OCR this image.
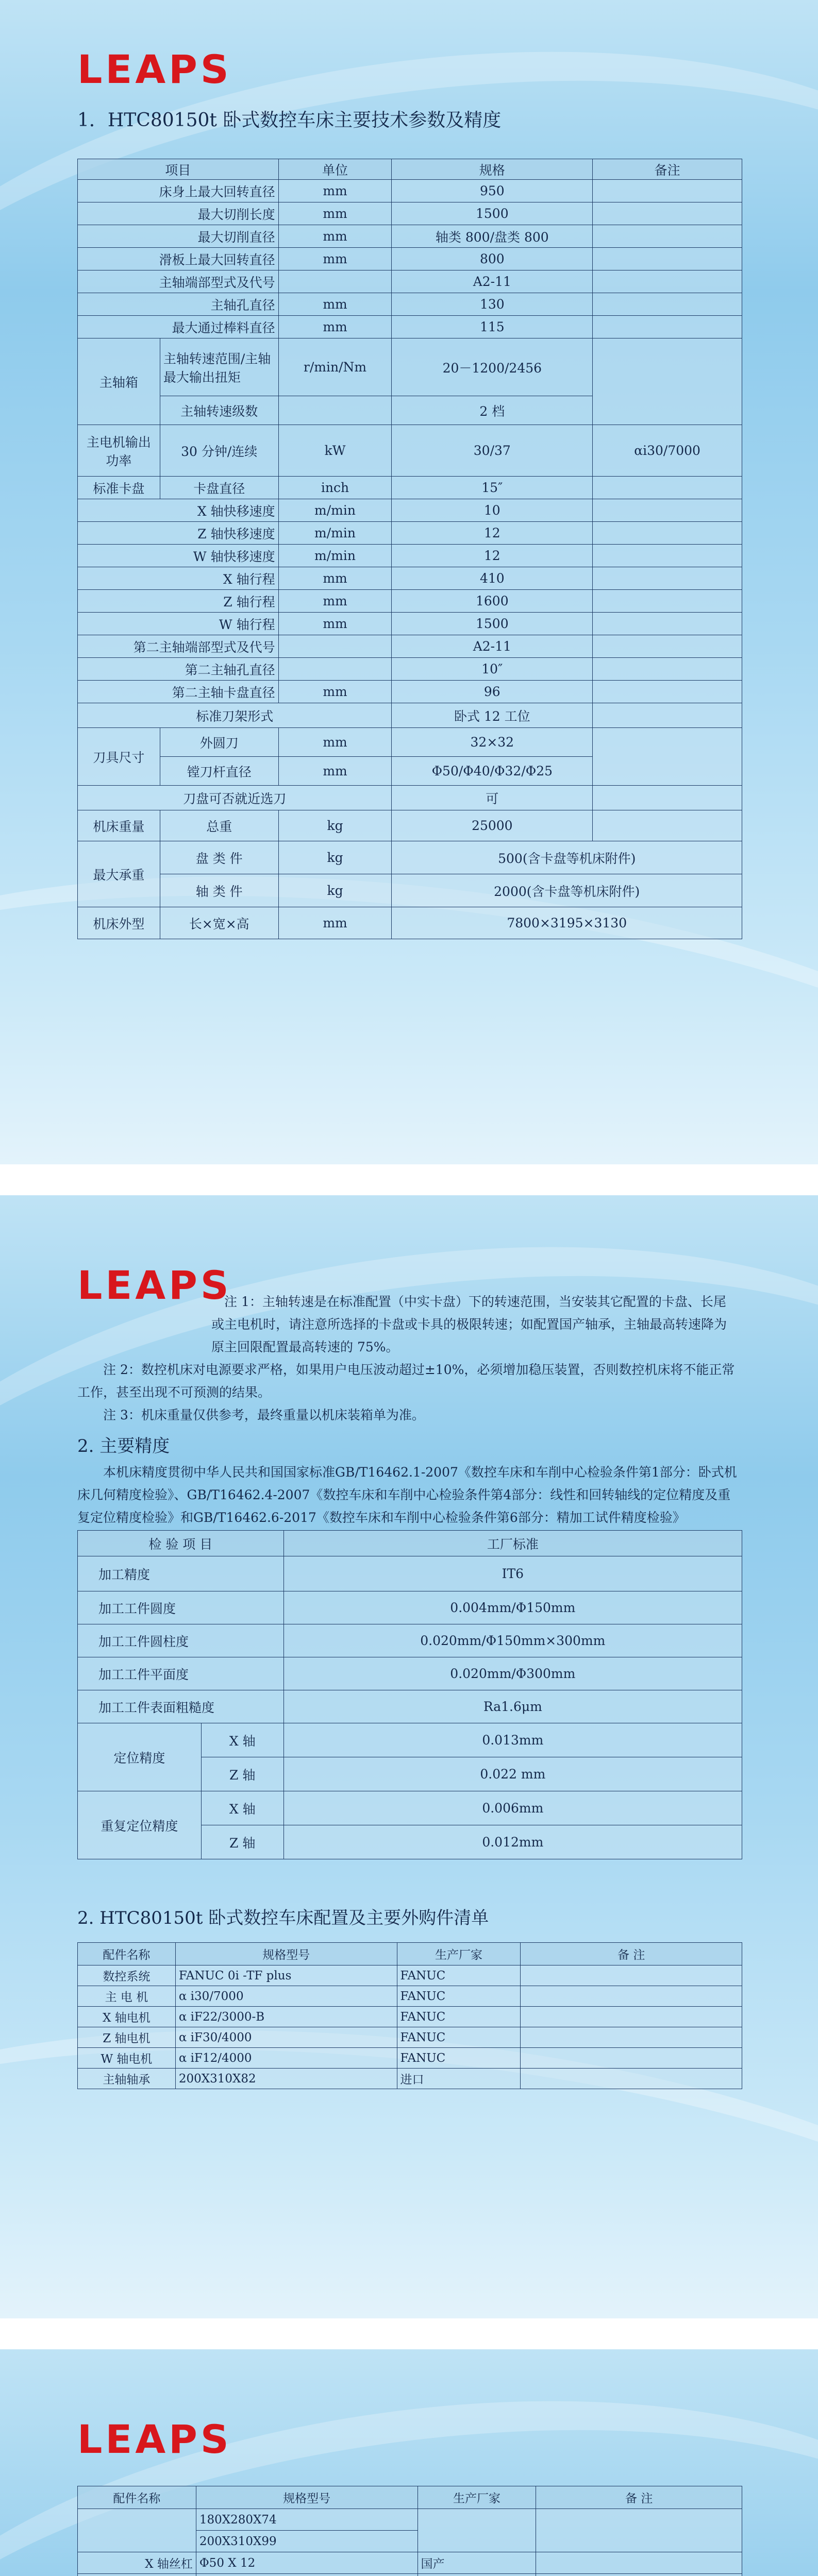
LEAPS
1．HTC80150t 卧式数控车床主要技术参数及精度
项目		单位	规格	备注
床身上最大回转直径		mm	950	
最大切削长度		mm	1500	
最大切削直径		mm	轴类 800/盘类 800	
滑板上最大回转直径		mm	800	
主轴端部型式及代号			A2-11	
主轴孔直径		mm	130	
最大通过棒料直径		mm	115	
主轴箱	主轴转速范围/主轴最大输出扭矩	r/min/Nm	20－1200/2456	
	主轴转速级数		2 档	
主电机输出功率	30 分钟/连续	kW	30/37	αi30/7000
标准卡盘	卡盘直径	inch	15″	
X 轴快移速度		m/min	10	
Z 轴快移速度		m/min	12	
W 轴快移速度		m/min	12	
X 轴行程		mm	410	
Z 轴行程		mm	1600	
W 轴行程		mm	1500	
第二主轴端部型式及代号			A2-11	
第二主轴孔直径			10″	
第二主轴卡盘直径		mm	96	
标准刀架形式			卧式 12 工位	
刀具尺寸	外圆刀	mm	32×32	
	镗刀杆直径	mm	Φ50/Φ40/Φ32/Φ25	
刀盘可否就近选刀			可	
机床重量	总重	kg	25000	
最大承重	盘 类 件	kg	500(含卡盘等机床附件)	
	轴 类 件	kg	2000(含卡盘等机床附件)	
机床外型	长×宽×高	mm	7800×3195×3130	
LEAPS

注 1：主轴转速是在标准配置（中实卡盘）下的转速范围，当安装其它配置的卡盘、长尾或主电机时，请注意所选择的卡盘或卡具的极限转速；如配置国产轴承，主轴最高转速降为原主回限配置最高转速的 75%。

注 2：数控机床对电源要求严格，如果用户电压波动超过±10%，必须增加稳压装置，否则数控机床将不能正常工作，甚至出现不可预测的结果。

注 3：机床重量仅供参考，最终重量以机床装箱单为准。

2. 主要精度

本机床精度贯彻中华人民共和国国家标准GB/T16462.1-2007《数控车床和车削中心检验条件第1部分：卧式机床几何精度检验》、GB/T16462.4-2007《数控车床和车削中心检验条件第4部分：线性和回转轴线的定位精度及重复定位精度检验》和GB/T16462.6-2017《数控车床和车削中心检验条件第6部分：精加工试件精度检验》

检 验 项 目		工厂标准
加工精度		IT6
加工工件圆度		0.004mm/Φ150mm
加工工件圆柱度		0.020mm/Φ150mm×300mm
加工工件平面度		0.020mm/Φ300mm
加工工件表面粗糙度		Ra1.6μm
定位精度	X 轴	0.013mm
	Z 轴	0.022 mm
重复定位精度	X 轴	0.006mm
	Z 轴	0.012mm
2. HTC80150t 卧式数控车床配置及主要外购件清单
配件名称	规格型号	生产厂家	备 注
数控系统	FANUC 0i -TF plus	FANUC	
主 电 机	α i30/7000	FANUC	
X 轴电机	α iF22/3000-B	FANUC	
Z 轴电机	α iF30/4000	FANUC	
W 轴电机	α iF12/4000	FANUC	
主轴轴承	200X310X82	进口	
LEAPS
配件名称	规格型号	生产厂家	备 注
	180X280X74		
	200X310X99		
X 轴丝杠	Φ50 X 12	国产	
